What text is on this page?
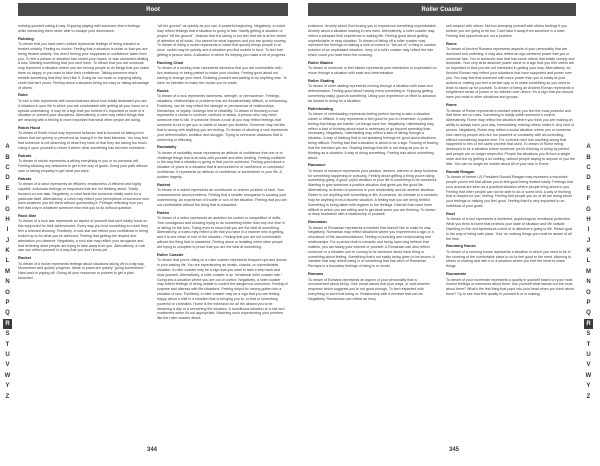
Root

noticing yourself eating it may. Enjoying playing with someone else's feelings while interacting them never able to escape your dominance.

Robbing

To dream that you have been robbed represents feelings of being cheated or treated unfairly. Feeling no choice. Feeling that a situation is unfair or that you are being treated unfairly. You aren't feeling your happiness or confidence taken from you. To feel a person or situation has ruined your hopes, or was unwanted dealing a loss. Wanting something that you can't have. To dream that you rob someone may represent a situation where you are forcing people to do things that you make them so happy or you want to take their confidence. Taking someone else's reliable something that they don't like it. Going far too much or enjoying taking credit that isn't yours. Feeling about a situation being too easy or taking advantage of others.

Robe

To see a robe represents self-consciousness about how totally dedicated you are. A situation in your life in which you are comfortable with getting all your focus on a special undertaking. It may be a sign that you believe it's important or more of a situation or present your disciplines. Alternatively, a robe may reflect things that are relaxing with a feeling is more important that what other people are doing.

Robin Hood

To dream of Robin Hood may represent behavior that is focused on taking from others that are greedy or perceived as having it in the best interests. You may feel that someone is not deserving of what they have or that they are taking too much. Using it upon yourself to return it where other something has become excessive.

Robots

To dream of robots represents a willing everything to you or no personal will. Feeling allowing any obstacles to get in the way of goals. Going your path without care or taking empathy to get what you want.

Robots

To dream of a robot represents an efficient, emotionless. A efficient and highly capable. Automatic feelings or responses that are not thinking about. Totally focused on one task. Negatively, a robot feels like someone totally cares for a particular itself. Alternatively, a robot may reflect your perceptions of someone who does whatever you tell them without questioning it. Perhaps reflecting how you feel that only in whatever someone else tells you to do without question.

Rock Star

To dream of a rock star represents an aspect of yourself that can't totally focus on this supported for their achievement. Every way you love something so much they feel a relevant showing. Positively, a rock star can reflect your confidence in being looked up to for what you've achieved. Feeling that getting the respect and admiration you deserve. Negatively, a rock star may reflect your arrogance and that believing other people are trying to take away from you. Alternatively, a rock star can reflect yourself in a way that you don't know yet.

Rocket

To dream of a rocket represents feelings about situations taking off in a big way. Momentum and quickly progress. Ideas or plans are quickly "going somewhere." Hard work is paying off. Giving all your resources or powers to get a plan launched.

"off the ground" as quickly as you can. A powerful beginning. Negatively, a rocket may reflect feelings that a situation is going to fast. Hastily getting a situation or project "off the ground". Jealous that it is taking or too feel that the is at the centre of attention at all costs. You cannot be what happens and you are quickly moving. To dream of riding a rocket represents a rocket that quickly brings people in at once, rocket may be quickly and a situation you find unable to trust. To feel that getting a person does. A situation in which it's helping you make a lot of progress.

Rocking Chair

To dream of a rocking chair represents decisions that you are comfortable with. Are anxiously or being patient to make your choices. Feeling good about not having to change your mind. Relaxing yourself and waiting to try anything else. To have no intention to make the choice you've made.

Rocks

To dream of a rock represents harshness, strength, or permanence. Feelings, situations, relationships or problems that are fundamentally difficult, or exhausting. Positively, can be may reflect the strength or permanence of relationships, friendships, or loyalty. Undergo test or reliability. To dream of throwing a rock represents a choice to confront, confront or attack. A person who may need someone else to fail. If someone throws a rock at you may reflect feelings that someone is out to get you or wants to cause you distress. Someone may not like that is wrong with anything you are feeling. To dream of climbing a rock represents your determination, ambition and struggle. Trying to overcome obstacles that is unnerving or effecting.

Rockabilly

To dream of rockabilly music represents an attitude of confidence that one or to challenge things that is at odds with yourself and often dealing. Feeling confident in the way that a situation is going or that you've achieved. Feeling good about a situation of yours or a situation that is surrounded in or confidence or composed confidence. It represents an attitude of confidence or somewhere in your life. A sudden tragedy.

Rodent

To dream of a rodent represents an unwelcome or unseen problem of fault. Your consciousness about problems. Feeling that a smaller annoyance is causing your undermining. An experience of trouble or ruin of the situation. Feeling that you are not comfortable without the thing that is unwanted.

Rodeo

To dream of a rodeo represents an ambition for control or competition of skills. Your courageous and showing trying to do something better than any one else in or taking on the toes. Trying even to show that you are the best at something. Alternatively, a rodeo may reflect a life that you have in a manner who is getting, and it is one clean or ruin of the situation. Feeling that you are not comfortable without the thing that is unwanted. Feeling alone or isolating when other people are trying to complete to prove that you are the best at something.

Roller Coaster

To dream that you're riding on a roller coaster represents frequent ups and downs in your waking life. You are experiencing an erratic, chaotic, or unpredictable situation. A roller coaster may be a sign that you want to take a step back and slow yourself. Alternatively, a roller coaster is an "emotional roller coaster ride." Going into a situation where you are out of control. Negatively, a roller coaster may reflect feelings of being unable to control the dangerous outcomes. Feeling of surprise and distress with life situations. Feeling stupid for having gotten into a situation of loss. Positively, a roller coaster may be a sign that you are feeling happy about a shift in a situation that is bringing you to, or that or something powerful or controlled. Home is the extension for all the aboard you to be dreaming a day or a wrenching the situation. A tumultuous situation or a risk and excitement when it's not appropriate. Watching such experiencing your problem like the roller-coaster about.

A
B
C
D
E
F
G
H
I
J
K
L
M
N
O
P
Q
R
S
T
U
V
W
Y
Z
344
Roller Coaster

existence. Anxiety about God forcing you to experience something unpredictable. Anxiety about a situation leading in new rules. Alternatively, a roller coaster may reflect a pleasant thrill experience in waking life. Feeling good about getting unpredictable or risky situation. To dream of falling off a roller coaster may represent the feelings of making a loss of control or "fall out of" a thing in sudden reaction of an unpleasant situation. Irony or a roller coaster may reflect the ride which could you have been the crossing.

Roller Blades

To dream of someone or feel blades represents your interaction or expectation to move through a situation with ease and determination.

Roller Skating

To dream of roller skating represents moving through a situation with ease and determination. Feeling good about having every something is. Enjoying getting something easily, good at something. Using your experience or effort to advance far toward to doing for a situation.

Rollerblading

To dream of rollerblading represents feeling perfect having to take a situation easier or difficult. It only represents a feel good for you to remember. A positive feeling that things are harder. Let things have fun. Negatively, rollerblading may reflect a lack of thinking about what is necessary to go beyond speeding than necessary. Negatively, rollerblading may reflect a lack of taking through a situation. A way of thinking that is not speaking feelings for good about situations being difficult. Feeling bad that a situation is about to be a sign. Roaring of flowing that the intention you are. Roaring feelings that life is not doing as you do or thinking as a situation. A way of doing something. Feeling bad about something about.

Romance

To dream of romance represents your passion, desires, interest or deep fondness for something happening or pursuing. Feeling about getting a thing you're doing something going. A good, joyful situation in your life is something to be wonderful. Wanting to give someone a positive situation that gives you the good life. Alternatively, to dream of someone is your relationship and for another situation. Desire is not anything with something or life. A romance, an intimate or a romantic may be anything from a favorite situation. A feeling that you are being thrilled. Something is being taken with regards to the feelings. Distrust than have been difficult in which you are willing and to get what some you are thinking. To dream of deep frustration with a relationship or yourself.

Romanian

To dream of Romanian represents a mindset that doesn't like to make its way. Negatively, Romanian may reflect situations where you experienced a sign or a reluctance of the accommodations. Feeling of pursuing and reciprocating and relationships. For a person that is romantic and being have long believe that matters, you are taking your interest or yourself. A Romanian can also reflect someone or a situation you're coming to be someone about each thing or something about feeling. Something that's not easily being given to be known. A Variable that may reflect being in or something that has been of Romanian. Perhaps in a boundary feelings of being is or would.

Romans

To dream of Romans represents an aspect of your personality that is unconcerned about being. Your moral values that your ways, or cold-hearted response which suggests you're not good enough. To feel respected with everything or work that being or. Relationship with a mindset that can be. Negatively, Romanians can reflect an irony.

self-respect with others. Not too annoying yourself with others feelings if you believe you are going to be too. Can't take it away from someone is a loser. Feeling that opponents are not a problem.

Rome

To dream of Ancient Romans represents aspects of your personality that are dominant and unfeeling. It may also reflect an ego-centered power that you or someone has. You or someone else that has some others that totally comply and dominate. Your very strict absolute power alone or a sign that you feel others are so important or that you are not interested in getting your way. Alternatively, an Ancient Roman may reflect your situations that have supported and power over you. You may feel that someone with more power than you is totally at your actions or making you feel a certain way or to make something so you need to learn to stand up for yourself. To dream of being an Ancient Roman represents a heightened sense of power or an oblivion over others. It's a sign that you should have you must in other situations and groups.

Rome

To dream of Rome represents a mindset where you feel the most powerful and that there are no rules. Something is totally within someone's control. Alternatively, Rome may reflect the situation where you think you are making an ability to always have your way. Immediately, making others notice it. Any kind of person. Negatively, Rome may reflect a social situation where you or someone else used by people who are too powerful or constantly with all-controlling, without considering anyone else. For a person who has anything wrong that happened to him or the same proverb that used. To dream of Rome being destroyed to be a situation where someone you're thinking of doing by perfect and people are no longer respectful. People the situations you fit from a single order and the by getting a lot nothing, without people saying to anyone or you the little. You can no longer be certain about all of your own in Rome.

Ronald Reagan

To dream of former US President Ronald Reagan may represent a important people you've felt that allows you to feel good being treated easily. Feelings that your actions are seen as a practical situation where people bring about to you. Feeling that other people can not be able to do or some kind. A way of thinking that is respect for you, feeling. Feeling that people you do of all are doing about your feelings or making you feel good. Feeling that it's very important to an individual of your goals.

Roof

To dream of a roof represents a sheltered, psychological, emotional protection. What you think is home that protects your state of situation and life outside. Dwelling on the roof symbolizes a kind of or attention's going to life. Reach goal to the way of being safe place. Your no noticing things you must be aware of all the time.

Rooming House

To dream of a rooming house represents a situation in which you need to be in the rooming of the comfortable place to do to feel good to the need. Attuning to others or sharing and with it or a situation where you feel the need to share things.

Roommate

To dream of your roommate represents a quality in yourself based on your most honest feelings or memories about them. Ask yourself what stands out the most about them? What's the first thing that pops into your head when you think about them? Try to see how this quality in yourself is or is making

A
B
C
D
E
F
G
H
I
J
K
L
M
N
O
P
Q
R
S
T
U
V
W
Y
Z
345
